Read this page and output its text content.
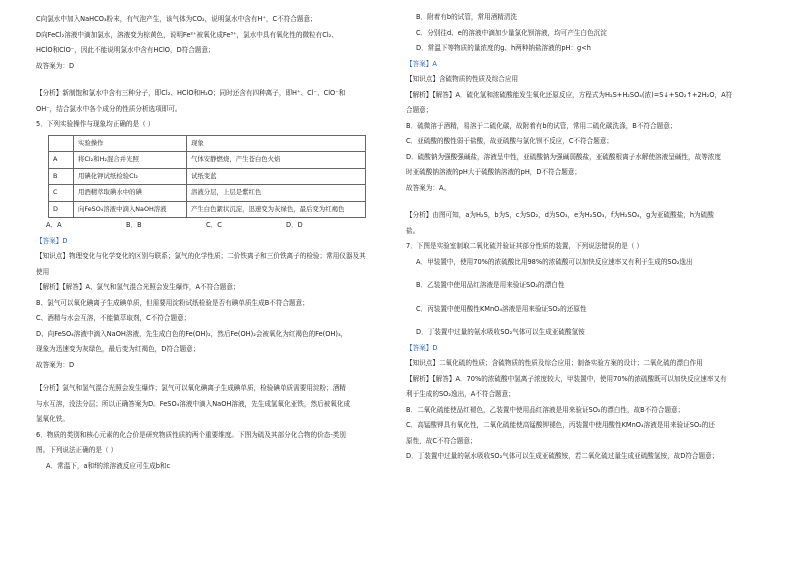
C向氯水中加入NaHCO₃粉末，有气泡产生，该气体为CO₂，说明氯水中含有H⁺，C不符合题意；

D向FeCl₂溶液中滴加氯水，溶液变为棕黄色，说明Fe²⁺被氧化成Fe³⁺，氯水中具有氧化性的微粒有Cl₂、

HClO和ClO⁻，因此不能说明氯水中含有HClO，D符合题意；

故答案为：D

【分析】新制饱和氯水中含有三种分子，即Cl₂、HClO和H₂O；同时还含有四种离子，即H⁺、Cl⁻、ClO⁻和

OH⁻，结合氯水中各个成分的性质分析选项即可。

5．下列实验操作与现象均正确的是（ ）

	实验操作	现象
A	将Cl₂和H₂混合并光照	气体安静燃烧，产生苍白色火焰
B	用碘化钾试纸检验Cl₂	试纸变蓝
C	用酒精萃取碘水中的碘	溶液分层，上层是紫红色
D	向FeSO₄溶液中滴入NaOH溶液	产生白色絮状沉淀，迅速变为灰绿色，最后变为红褐色

A．A	B．B	C．C	D．D

【答案】D

【知识点】物理变化与化学变化的区别与联系；氯气的化学性质；二价铁离子和三价铁离子的检验；常用仪器及其

使用

【解析】【解答】A、氯气和氢气混合光照会发生爆炸，A不符合题意；

B、氯气可以氧化碘离子生成碘单质，但需要用淀粉试纸检验是否有碘单质生成B不符合题意；

C、酒精与水会互溶，不能做萃取剂，C不符合题意；

D、向FeSO₄溶液中滴入NaOH溶液，先生成白色的Fe(OH)₂，然后Fe(OH)₂会被氧化为红褐色的Fe(OH)₃，

现象为迅速变为灰绿色，最后变为红褐色，D符合题意；

故答案为：D

【分析】氯气和氢气混合光照会发生爆炸；氯气可以氧化碘离子生成碘单质，检验碘单质需要用淀粉；酒精

与水互溶，没法分层；所以正确答案为D。FeSO₄溶液中滴入NaOH溶液，先生成氢氧化亚铁，然后被氧化成

氢氧化铁。

6．物质的类别和核心元素的化合价是研究物质性质的两个重要维度。下图为硫及其部分化合物的价态-类别

图。下列说法正确的是（ ）

A．常温下，a和f的浓溶液反应可生成b和c

B．附着有b的试管，常用酒精清洗

C．分别往d、e的溶液中滴加少量氯化钡溶液，均可产生白色沉淀

D．常温下等物质的量浓度的g、h两种钠盐溶液的pH：g<h

【答案】A

【知识点】含硫物质的性质及综合应用

【解析】【解答】A．硫化氢和浓硫酸能发生氧化还原反应，方程式为H₂S+H₂SO₄(浓)=S↓+SO₂↑+2H₂O，A符

合题意；

B．硫微溶于酒精，易溶于二硫化碳，故附着有b的试管，常用二硫化碳洗涤，B不符合题意；

C．亚硫酸的酸性弱于盐酸，故亚硫酸与氯化钡不反应，C不符合题意；

D．硫酸钠为强酸强碱盐，溶液呈中性，亚硫酸钠为强碱弱酸盐，亚硫酸根离子水解使溶液呈碱性，故等浓度

时亚硫酸钠溶液的pH大于硫酸钠溶液的pH，D不符合题意；

故答案为：A。

【分析】由图可知，a为H₂S，b为S，c为SO₂，d为SO₃，e为H₂SO₃，f为H₂SO₄，g为亚硫酸盐，h为硫酸

盐。

7．下图是实验室制取二氧化硫并验证其部分性质的装置，下列说法错误的是（ ）

A．甲装置中，使用70%的浓硫酸比用98%的浓硫酸可以加快反应速率又有利于生成的SO₂逸出

B．乙装置中使用品红溶液是用来验证SO₂的漂白性

C．丙装置中使用酸性KMnO₄溶液是用来验证SO₂的还原性

D．丁装置中过量的氨水吸收SO₂气体可以生成亚硫酸氢铵

【答案】D

【知识点】二氧化硫的性质；含硫物质的性质及综合应用；制备实验方案的设计；二氧化硫的漂白作用

【解析】【解答】A．70%的浓硫酸中氢离子浓度较大，甲装置中，使用70%的浓硫酸既可以加快反应速率又有

利于生成的SO₂逸出，A不符合题意；

B．二氧化硫能使品红褪色，乙装置中使用品红溶液是用来验证SO₂的漂白性，故B不符合题意；

C．高锰酸钾具有氧化性，二氧化硫能使高锰酸钾褪色，丙装置中使用酸性KMnO₄溶液是用来验证SO₂的还

原性，故C不符合题意；

D．丁装置中过量的氨水吸收SO₂气体可以生成亚硫酸铵，若二氧化硫过量生成亚硫酸氢铵，故D符合题意；
